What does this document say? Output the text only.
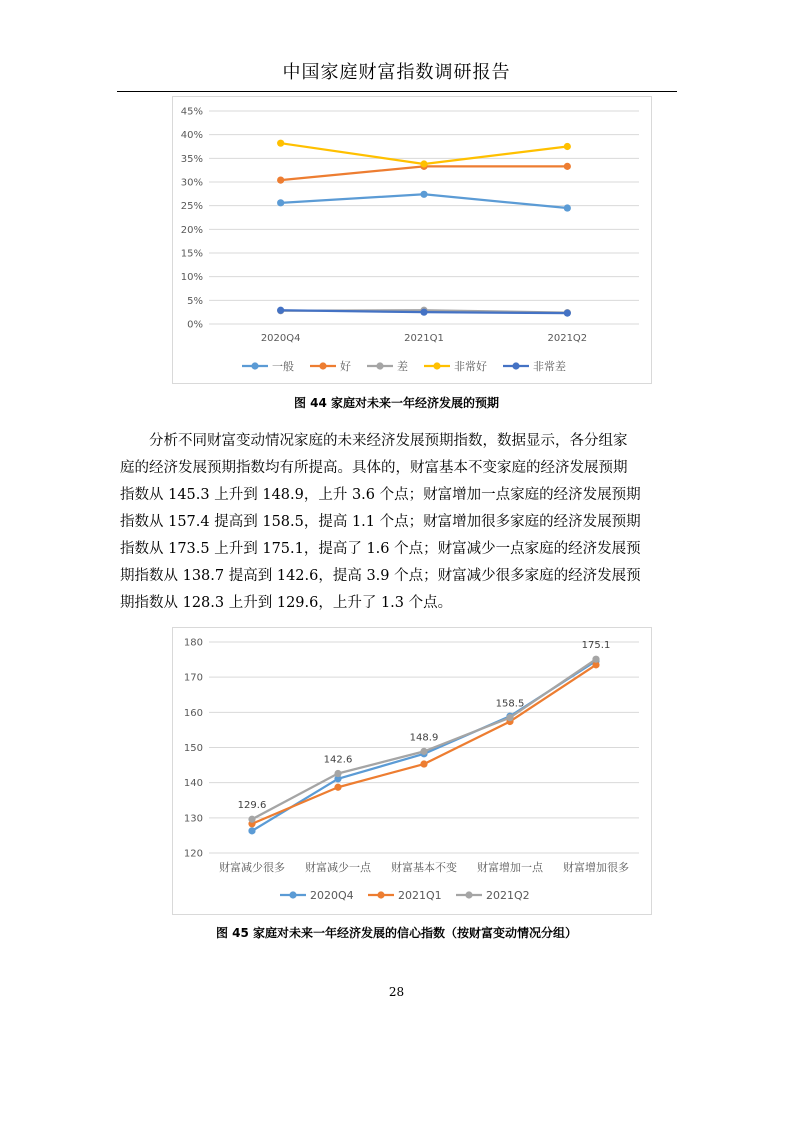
中国家庭财富指数调研报告
0%
5%
10%
15%
20%
25%
30%
35%
40%
45%
2020Q4	2021Q1	2021Q2
一般	好	差	非常好	非常差
图 44 家庭对未来一年经济发展的预期
分析不同财富变动情况家庭的未来经济发展预期指数，数据显示，各分组家
庭的经济发展预期指数均有所提高。具体的，财富基本不变家庭的经济发展预期
指数从 145.3 上升到 148.9，上升 3.6 个点；财富增加一点家庭的经济发展预期
指数从 157.4 提高到 158.5，提高 1.1 个点；财富增加很多家庭的经济发展预期
指数从 173.5 上升到 175.1，提高了 1.6 个点；财富减少一点家庭的经济发展预
期指数从 138.7 提高到 142.6，提高 3.9 个点；财富减少很多家庭的经济发展预
期指数从 128.3 上升到 129.6，上升了 1.3 个点。
120
130
140
150
160
170
180
财富减少很多 财富减少一点 财富基本不变 财富增加一点 财富增加很多
129.6
142.6
148.9
158.5
175.1
2020Q4	2021Q1	2021Q2
图 45 家庭对未来一年经济发展的信心指数（按财富变动情况分组）
28
